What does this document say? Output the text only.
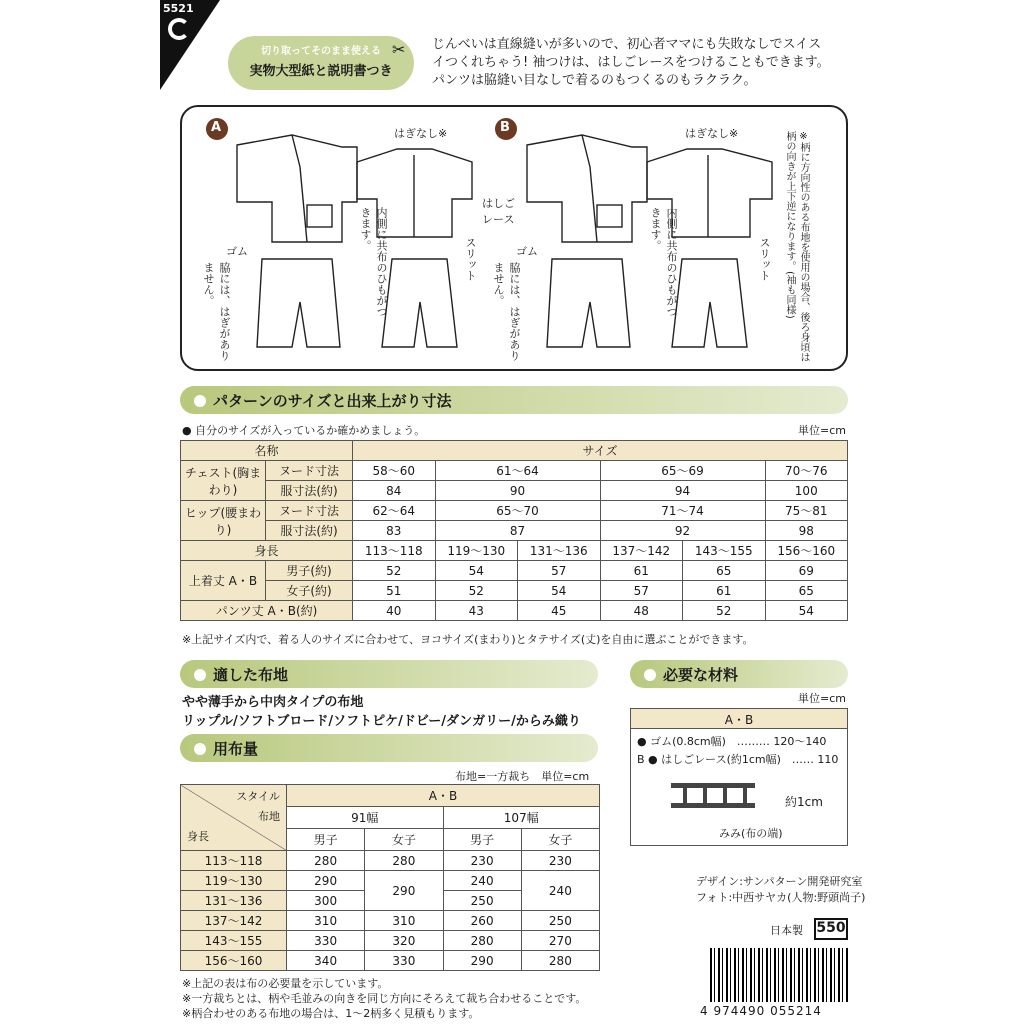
5521
切り取ってそのまま使える
実物大型紙と説明書つき
✂ じんべいは直線縫いが多いので、初心者ママにも失敗なしでスイス
イつくれちゃう! 袖つけは、はしごレースをつけることもできます。
パンツは脇縫い目なしで着るのもつくるのもラクラク。
A	B
はぎなし※	はぎなし※
内側に共布のひもがつきます。	内側に共布のひもがつきます。
スリット	スリット
ゴム	ゴム
脇には、はぎがありません。	脇には、はぎがありません。
はしごレース	※柄に方向性のある布地を使用の場合、後ろ身頃は柄の向きが上下逆になります。(袖も同様)
パターンのサイズと出来上がり寸法
● 自分のサイズが入っているか確かめましょう。	単位=cm
名称		サイズ					
チェスト(胸まわり)	ヌード寸法	58〜60	61〜64		65〜69		70〜76
	服寸法(約)	84	90		94		100
ヒップ(腰まわり)	ヌード寸法	62〜64	65〜70		71〜74		75〜81
	服寸法(約)	83	87		92		98
身長		113〜118	119〜130	131〜136	137〜142	143〜155	156〜160
上着丈 A・B	男子(約)	52	54	57	61	65	69
	女子(約)	51	52	54	57	61	65
パンツ丈 A・B(約)		40	43	45	48	52	54
※上記サイズ内で、着る人のサイズに合わせて、ヨコサイズ(まわり)とタテサイズ(丈)を自由に選ぶことができます。
適した布地
やや薄手から中肉タイプの布地
リップル/ソフトブロード/ソフトピケ/ドビー/ダンガリー/からみ織り
用布量
布地=一方裁ち　単位=cm
スタイル
布地
身長	A・B			
	91幅		107幅	
	男子	女子	男子	女子
113〜118	280	280	230	230
119〜130	290	290	240	240
131〜136	300		250	
137〜142	310	310	260	250
143〜155	330	320	280	270
156〜160	340	330	290	280
※上記の表は布の必要量を示しています。
※一方裁ちとは、柄や毛並みの向きを同じ方向にそろえて裁ち合わせることです。
※柄合わせのある布地の場合は、1〜2柄多く見積もります。
必要な材料
単位=cm
A・B
● ゴム(0.8cm幅)　……… 120〜140
B ● はしごレース(約1cm幅)　…… 110
約1cm
みみ(布の端)
デザイン:サンパターン開発研究室
フォト:中西サヤカ(人物:野頭尚子)
日本製 550
4 974490 055214
